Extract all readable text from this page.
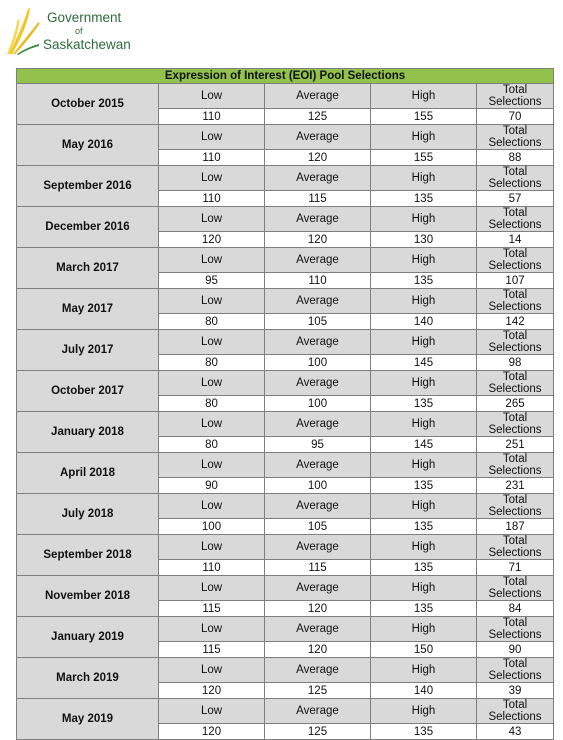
Government
of
Saskatchewan
Expression of Interest (EOI) Pool Selections				
October 2015	Low	Average	High	Total Selections
	110	125	155	70
May 2016	Low	Average	High	Total Selections
	110	120	155	88
September 2016	Low	Average	High	Total Selections
	110	115	135	57
December 2016	Low	Average	High	Total Selections
	120	120	130	14
March 2017	Low	Average	High	Total Selections
	95	110	135	107
May 2017	Low	Average	High	Total Selections
	80	105	140	142
July 2017	Low	Average	High	Total Selections
	80	100	145	98
October 2017	Low	Average	High	Total Selections
	80	100	135	265
January 2018	Low	Average	High	Total Selections
	80	95	145	251
April 2018	Low	Average	High	Total Selections
	90	100	135	231
July 2018	Low	Average	High	Total Selections
	100	105	135	187
September 2018	Low	Average	High	Total Selections
	110	115	135	71
November 2018	Low	Average	High	Total Selections
	115	120	135	84
January 2019	Low	Average	High	Total Selections
	115	120	150	90
March 2019	Low	Average	High	Total Selections
	120	125	140	39
May 2019	Low	Average	High	Total Selections
	120	125	135	43
